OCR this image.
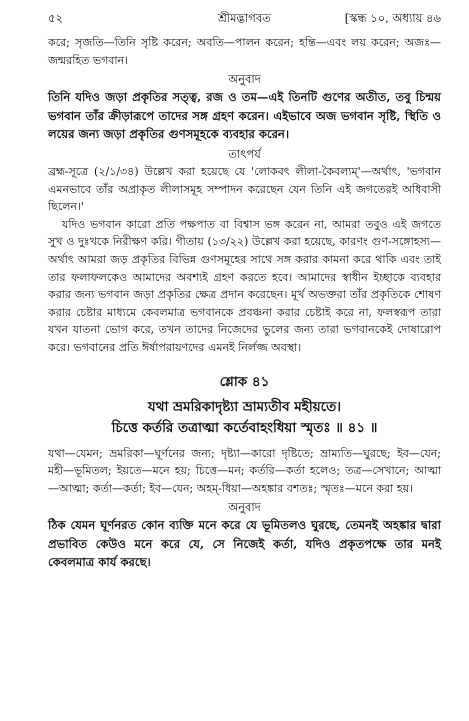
৫২	শ্রীমদ্ভাগবত	[স্কন্ধ ১০, অধ্যায় ৪৬

করে; সৃজতি—তিনি সৃষ্টি করেন; অবতি—পালন করেন; হন্তি—এবং লয় করেন; অজঃ—জন্মরহিত ভগবান।

অনুবাদ

তিনি যদিও জড়া প্রকৃতির সত্ত্ব, রজ ও তম—এই তিনটি গুণের অতীত, তবু চিন্ময় ভগবান তাঁর ক্রীড়ারূপে তাদের সঙ্গ গ্রহণ করেন। এইভাবে অজ ভগবান সৃষ্টি, স্থিতি ও লয়ের জন্য জড়া প্রকৃতির গুণসমূহকে ব্যবহার করেন।

তাৎপর্য

ব্রহ্ম-সূত্রে (২/১/৩৪) উল্লেখ করা হয়েছে যে 'লোকবৎ লীলা-কৈবল্যম্'—অর্থাৎ, 'ভগবান এমনভাবে তাঁর অপ্রাকৃত লীলাসমূহ সম্পাদন করেছেন যেন তিনি এই জগতেরই অধিবাসী ছিলেন।'

যদিও ভগবান কারো প্রতি পক্ষপাত বা বিশ্বাস ভঙ্গ করেন না, আমরা তবুও এই জগতে সুখ ও দুঃখকে নিরীক্ষণ করি। গীতায় (১৩/২২) উল্লেখ করা হয়েছে, কারণং গুণ-সঙ্গোহস্য—অর্থাৎ আমরা জড় প্রকৃতির বিভিন্ন গুণসমূহের সাথে সঙ্গ করার কামনা করে থাকি এবং তাই তার ফলাফলকেও আমাদের অবশ্যই গ্রহণ করতে হবে। আমাদের স্বাধীন ইচ্ছাকে ব্যবহার করার জন্য ভগবান জড়া প্রকৃতির ক্ষেত্র প্রদান করেছেন। মূর্খ অভক্তরা তাঁর প্রকৃতিকে শোষণ করার চেষ্টার মাধ্যমে কেবলমাত্র ভগবানকে প্রবঞ্চনা করার চেষ্টাই করে না, ফলস্বরূপ তারা যখন যাতনা ভোগ করে, তখন তাদের নিজেদের ভুলের জন্য তারা ভগবানকেই দোষারোপ করে। ভগবানের প্রতি ঈর্ষাপরায়ণদের এমনই নির্লজ্জ অবস্থা।

শ্লোক ৪১
যথা ভ্রমরিকাদৃষ্ট্যা ভ্রাম্যতীব মহীয়তে।
চিত্তে কর্তরি তত্রাত্মা কর্তেবাহংধিয়া স্মৃতঃ ॥ ৪১ ॥

যথা—যেমন; ভ্রমরিকা—ঘূর্ণনের জন্য; দৃষ্ট্যা—কারো দৃষ্টিতে; ভ্রাম্যতি—ঘুরছে; ইব—যেন; মহী—ভূমিতল; ইয়তে—মনে হয়; চিত্তে—মন; কর্তরি—কর্তা হলেও; তত্র—সেখানে; আত্মা—আত্মা; কর্তা—কর্তা; ইব—যেন; অহম্-ধিয়া—অহঙ্কার বশতঃ; স্মৃতঃ—মনে করা হয়।

অনুবাদ

ঠিক যেমন ঘূর্ণনরত কোন ব্যক্তি মনে করে যে ভূমিতলও ঘুরছে, তেমনই অহঙ্কার দ্বারা প্রভাবিত কেউও মনে করে যে, সে নিজেই কর্তা, যদিও প্রকৃতপক্ষে তার মনই কেবলমাত্র কার্য করছে।
